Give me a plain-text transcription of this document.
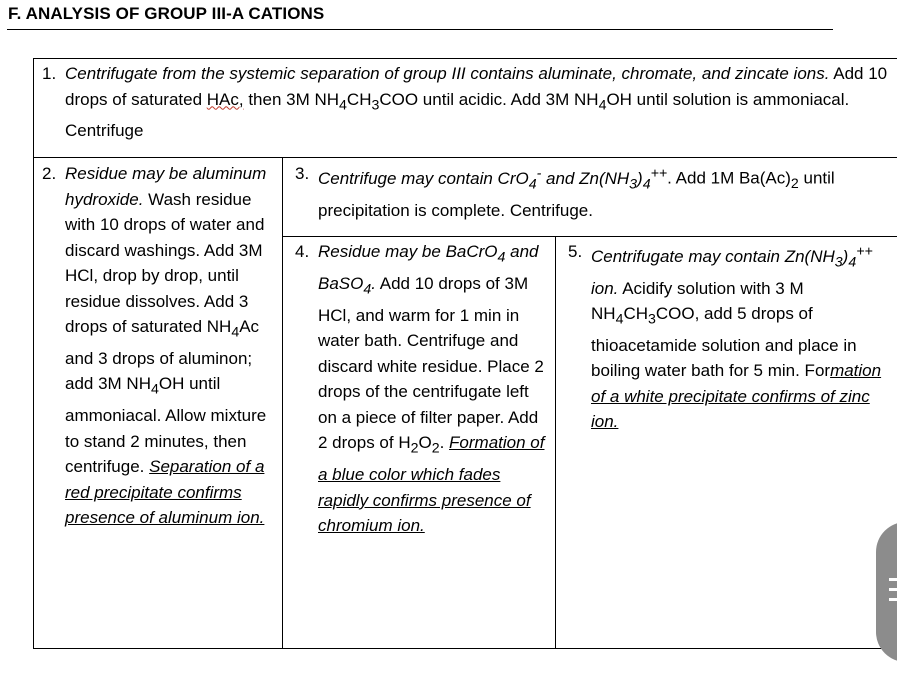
F. ANALYSIS OF GROUP III-A CATIONS
1. Centrifugate from the systemic separation of group III contains aluminate, chromate, and zincate ions. Add 10 drops of saturated HAc, then 3M $NH_4CH_3COO$ until acidic. Add 3M $NH_4OH$ until solution is ammoniacal. Centrifuge

2. Residue may be aluminum hydroxide. Wash residue with 10 drops of water and discard washings. Add 3M HCl, drop by drop, until residue dissolves. Add 3 drops of saturated $NH_4Ac$ and 3 drops of aluminon; add 3M $NH_4OH$ until ammoniacal. Allow mixture to stand 2 minutes, then centrifuge. Separation of a red precipitate confirms presence of aluminum ion.

3. Centrifuge may contain CrO$_4$- and $Zn(NH_3)_4^{++}$. Add 1M $Ba(Ac)_2$ until precipitation is complete. Centrifuge.

4. Residue may be BaCrO$_4$ and BaSO$_4$. Add 10 drops of 3M HCl, and warm for 1 min in water bath. Centrifuge and discard white residue. Place 2 drops of the centrifugate left on a piece of filter paper. Add 2 drops of $H_2O_2$. Formation of a blue color which fades rapidly confirms presence of chromium ion.

5. Centrifugate may contain $Zn(NH_3)_4^{++}$ ion. Acidify solution with 3 M $NH_4CH_3COO$, add 5 drops of thioacetamide solution and place in boiling water bath for 5 min. Formation of a white precipitate confirms of zinc ion.
